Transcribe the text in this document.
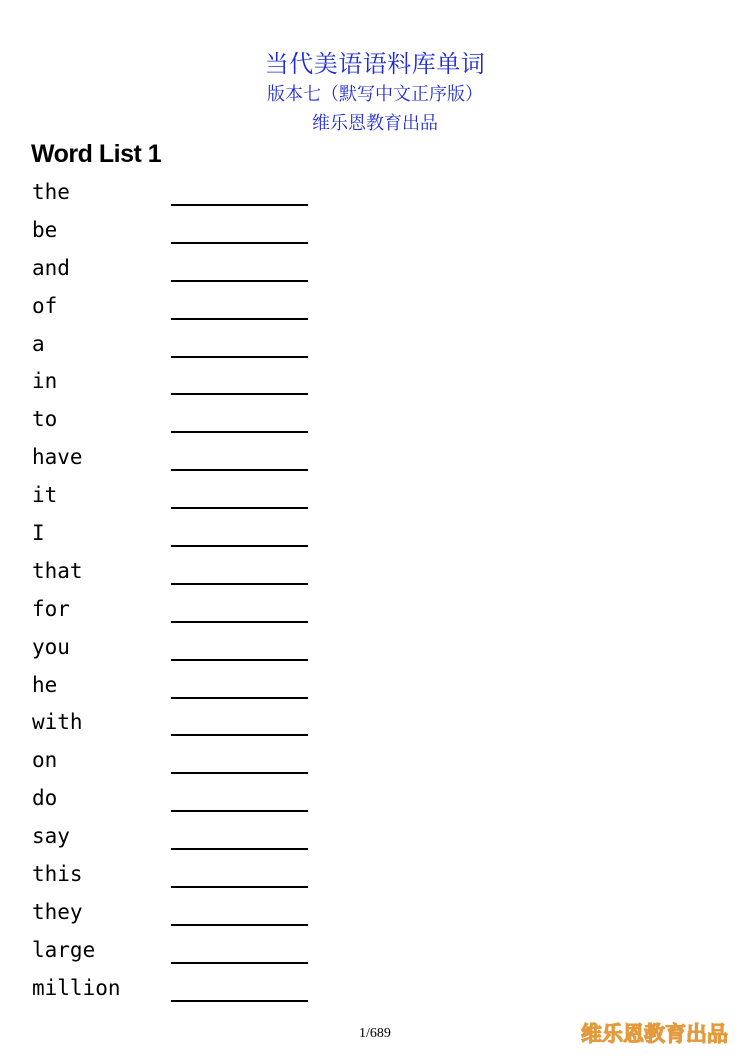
当代美语语料库单词
版本七（默写中文正序版）
维乐恩教育出品
Word List 1
the
be
and
of
a
in
to
have
it
I
that
for
you
he
with
on
do
say
this
they
large
million
1/689	维乐恩教育出品
